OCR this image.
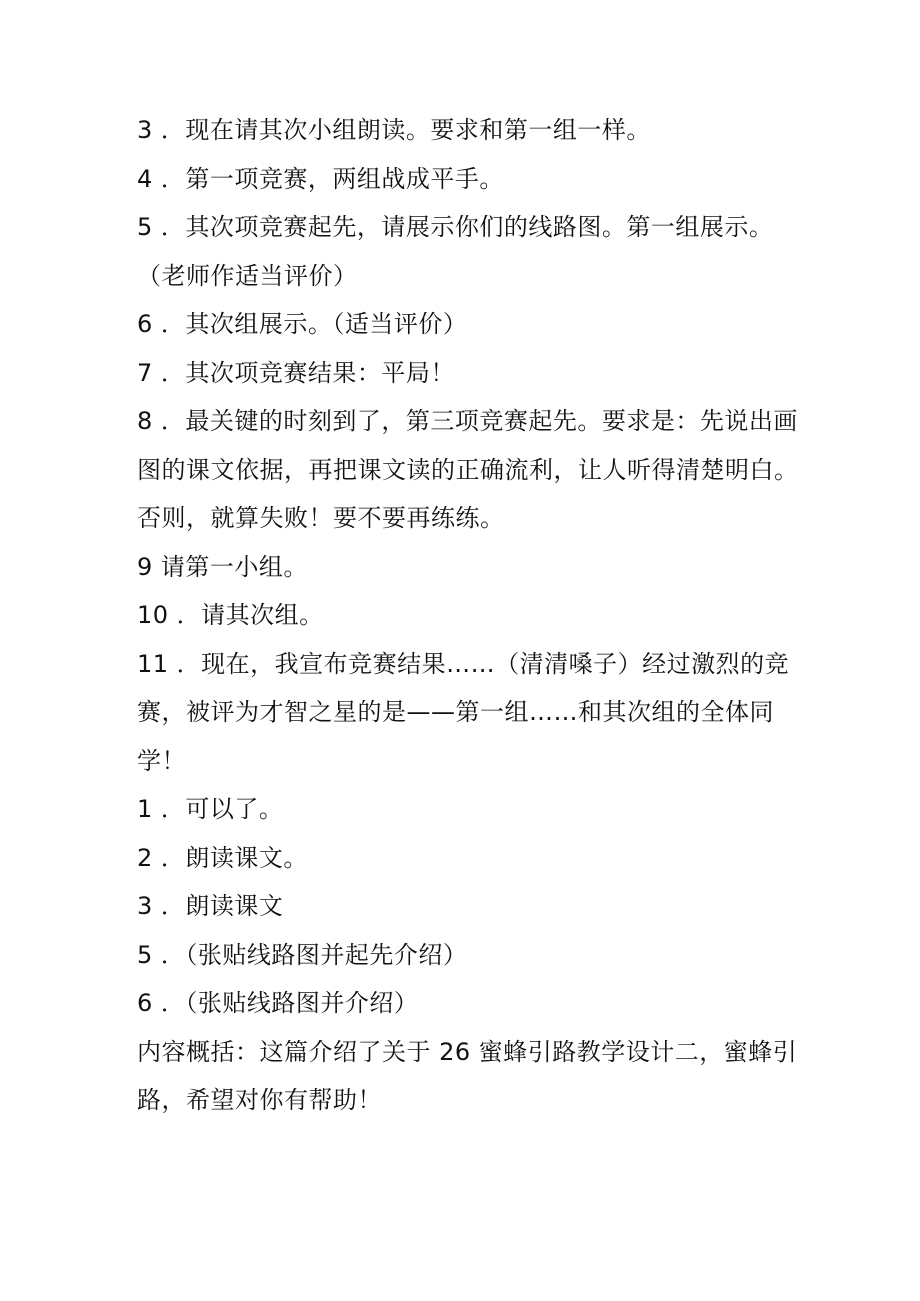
3 ．现在请其次小组朗读。要求和第一组一样。
4 ．第一项竞赛，两组战成平手。
5 ．其次项竞赛起先，请展示你们的线路图。第一组展示。
（老师作适当评价）
6 ．其次组展示。（适当评价）
7 ．其次项竞赛结果：平局！
8 ．最关键的时刻到了，第三项竞赛起先。要求是：先说出画
图的课文依据，再把课文读的正确流利，让人听得清楚明白。
否则，就算失败！要不要再练练。
9 请第一小组。
10 ．请其次组。
11 ．现在，我宣布竞赛结果……（清清嗓子）经过激烈的竞
赛，被评为才智之星的是——第一组……和其次组的全体同
学！
1 ．可以了。
2 ．朗读课文。
3 ．朗读课文
5 ．（张贴线路图并起先介绍）
6 ．（张贴线路图并介绍）
内容概括：这篇介绍了关于 26 蜜蜂引路教学设计二，蜜蜂引
路，希望对你有帮助！
